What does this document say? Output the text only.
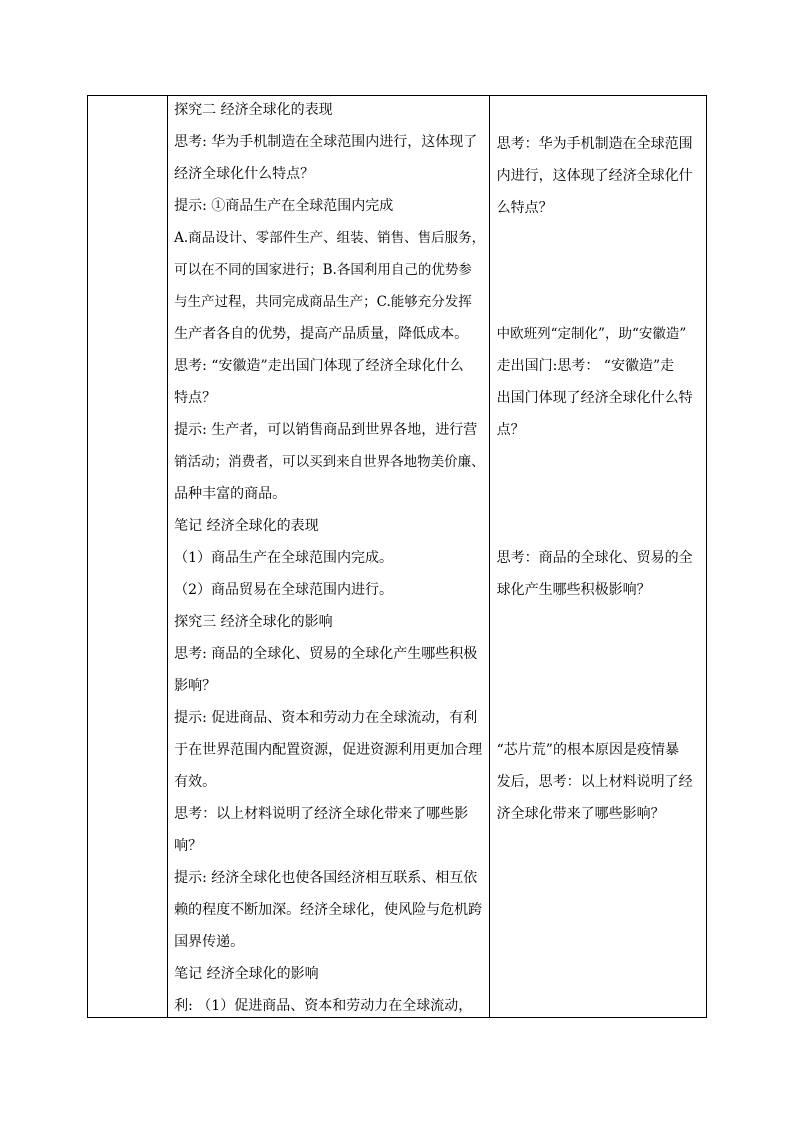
探究二 经济全球化的表现
思考: 华为手机制造在全球范围内进行，这体现了
经济全球化什么特点？
提示: ①商品生产在全球范围内完成
A.商品设计、零部件生产、组装、销售、售后服务，
可以在不同的国家进行；B.各国利用自己的优势参
与生产过程，共同完成商品生产；C.能够充分发挥
生产者各自的优势，提高产品质量，降低成本。
思考: “安徽造”走出国门体现了经济全球化什么
特点？
提示: 生产者，可以销售商品到世界各地，进行营
销活动；消费者，可以买到来自世界各地物美价廉、
品种丰富的商品。
笔记 经济全球化的表现
（1）商品生产在全球范围内完成。
（2）商品贸易在全球范围内进行。
探究三 经济全球化的影响
思考: 商品的全球化、贸易的全球化产生哪些积极
影响？
提示: 促进商品、资本和劳动力在全球流动，有利
于在世界范围内配置资源，促进资源利用更加合理
有效。
思考：以上材料说明了经济全球化带来了哪些影
响？
提示: 经济全球化也使各国经济相互联系、相互依
赖的程度不断加深。经济全球化，使风险与危机跨
国界传递。
笔记 经济全球化的影响
利: （1）促进商品、资本和劳动力在全球流动，

思考：华为手机制造在全球范围
内进行，这体现了经济全球化什
么特点？
中欧班列“定制化”，助“安徽造”
走出国门:思考： “安徽造”走
出国门体现了经济全球化什么特
点？
思考：商品的全球化、贸易的全
球化产生哪些积极影响？
“芯片荒”的根本原因是疫情暴
发后，思考：以上材料说明了经
济全球化带来了哪些影响？
